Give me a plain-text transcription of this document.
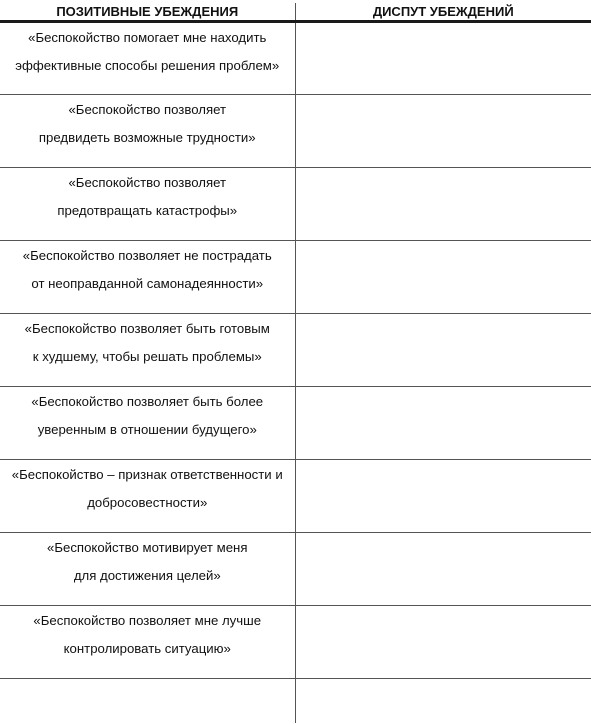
ПОЗИТИВНЫЕ УБЕЖДЕНИЯ	ДИСПУТ УБЕЖДЕНИЙ

«Беспокойство помогает мне находить
эффективные способы решения проблем»	

«Беспокойство позволяет
предвидеть возможные трудности»	

«Беспокойство позволяет
предотвращать катастрофы»	

«Беспокойство позволяет не пострадать
от неоправданной самонадеянности»	

«Беспокойство позволяет быть готовым
к худшему, чтобы решать проблемы»	

«Беспокойство позволяет быть более
уверенным в отношении будущего»	

«Беспокойство – признак ответственности и
добросовестности»	

«Беспокойство мотивирует меня
для достижения целей»	

«Беспокойство позволяет мне лучше
контролировать ситуацию»	
